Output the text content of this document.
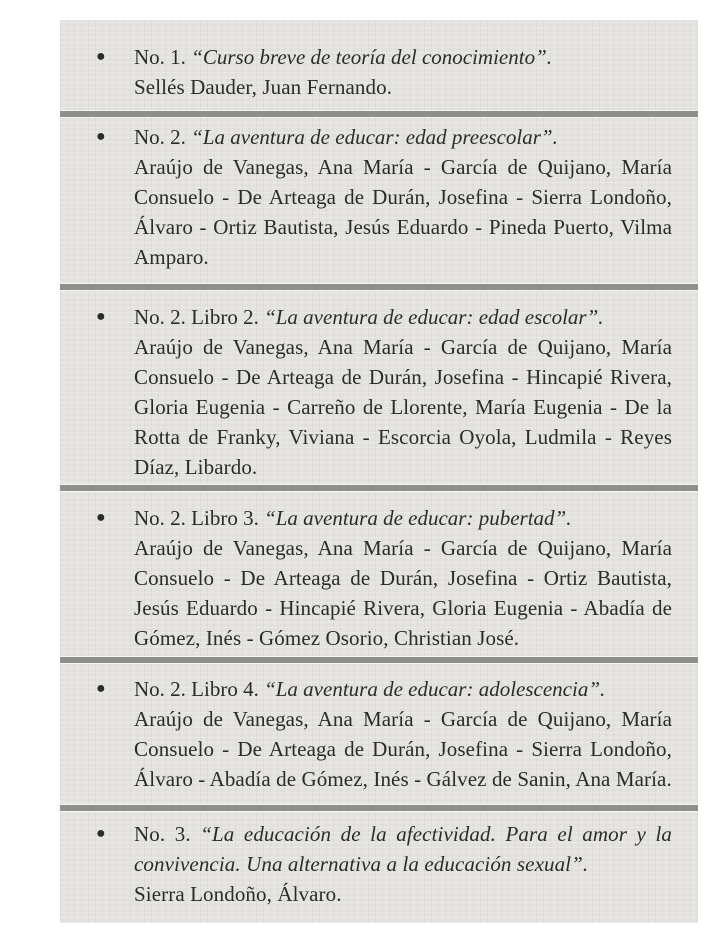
● No. 1. “Curso breve de teoría del conocimiento”.
Sellés Dauder, Juan Fernando.
● No. 2. “La aventura de educar: edad preescolar”.
Araújo de Vanegas, Ana María - García de Quijano, María Consuelo - De Arteaga de Durán, Josefina - Sierra Londoño, Álvaro - Ortiz Bautista, Jesús Eduardo - Pineda Puerto, Vilma Amparo.
● No. 2. Libro 2. “La aventura de educar: edad escolar”.
Araújo de Vanegas, Ana María - García de Quijano, María Consuelo - De Arteaga de Durán, Josefina - Hincapié Rivera, Gloria Eugenia - Carreño de Llorente, María Eugenia - De la Rotta de Franky, Viviana - Escorcia Oyola, Ludmila - Reyes Díaz, Libardo.
● No. 2. Libro 3. “La aventura de educar: pubertad”.
Araújo de Vanegas, Ana María - García de Quijano, María Consuelo - De Arteaga de Durán, Josefina - Ortiz Bautista, Jesús Eduardo - Hincapié Rivera, Gloria Eugenia - Abadía de Gómez, Inés - Gómez Osorio, Christian José.
● No. 2. Libro 4. “La aventura de educar: adolescencia”.
Araújo de Vanegas, Ana María - García de Quijano, María Consuelo - De Arteaga de Durán, Josefina - Sierra Londoño, Álvaro - Abadía de Gómez, Inés - Gálvez de Sanin, Ana María.
● No. 3. “La educación de la afectividad. Para el amor y la convivencia. Una alternativa a la educación sexual”.
Sierra Londoño, Álvaro.
